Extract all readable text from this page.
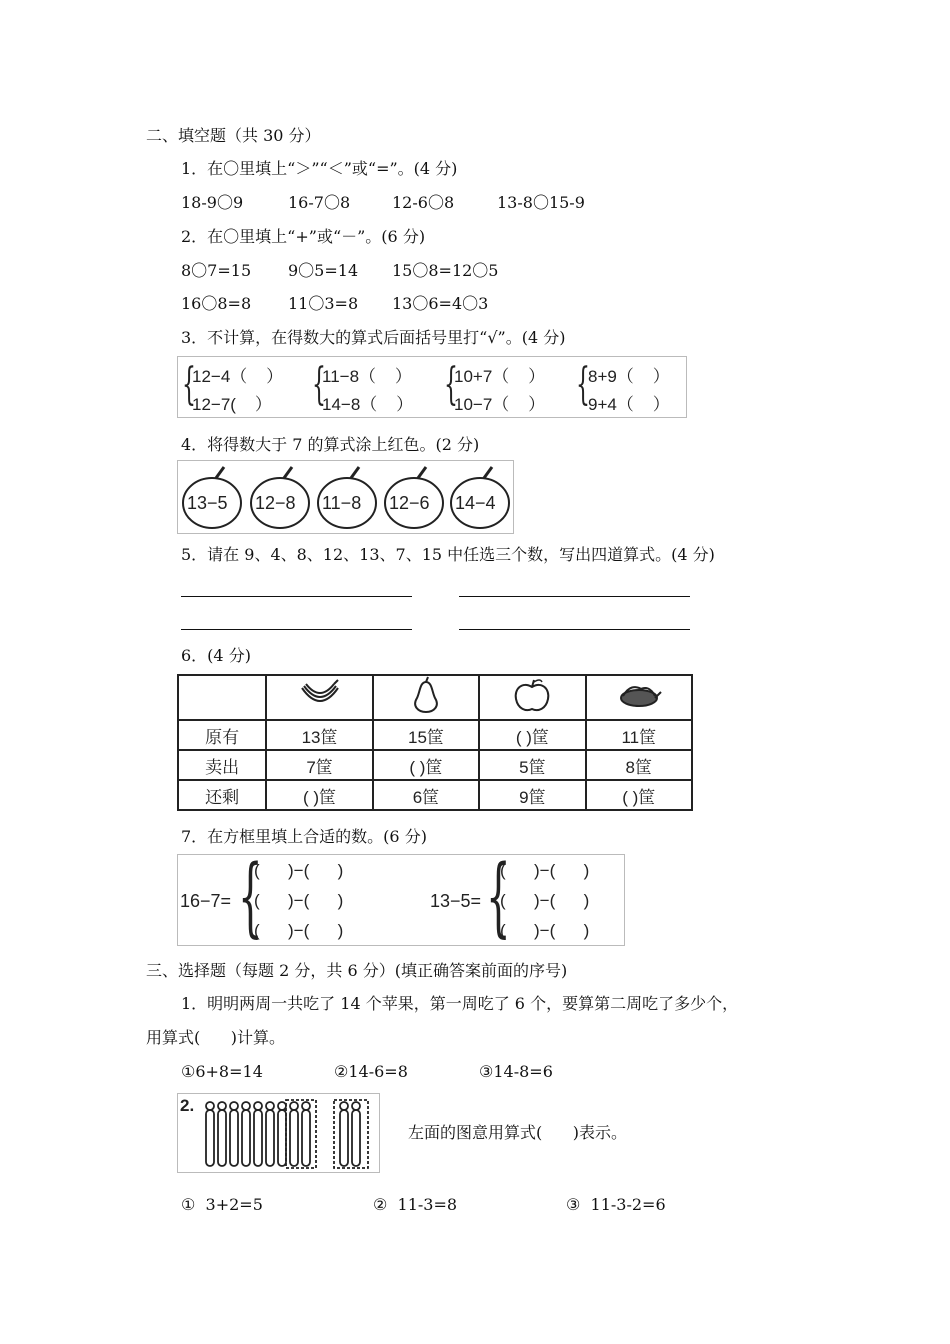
二、填空题（共 30 分）
1．在〇里填上“＞”“＜”或“=”。(4 分)
18-9〇9	16-7〇8	12-6〇8	13-8〇15-9
2．在〇里填上“+”或“－”。(6 分)
8〇7=15 9〇5=14 15〇8=12〇5
16〇8=8 11〇3=8 13〇6=4〇3
3．不计算，在得数大的算式后面括号里打“√”。(4 分)
{
12−4（    ）
12−7(    ） {
11−8（    ）
14−8（    ） {
10+7（    ）
10−7（    ） {
8+9（    ）
9+4（    ）
4．将得数大于 7 的算式涂上红色。(2 分)
13−5 12−8 11−8 12−6 14−4
5．请在 9、4、8、12、13、7、15 中任选三个数，写出四道算式。(4 分)
6．(4 分)

原有	13筐	15筐	( )筐	11筐
卖出	7筐	( )筐	5筐	8筐
还剩	( )筐	6筐	9筐	( )筐
7．在方框里填上合适的数。(6 分)
16−7= {
(      )−(      )
(      )−(      )
(      )−(      )
13−5= {
(      )−(      )
(      )−(      )
(      )−(      )
三、选择题（每题 2 分，共 6 分）(填正确答案前面的序号)
1．明明两周一共吃了 14 个苹果，第一周吃了 6 个，要算第二周吃了多少个，
用算式(      )计算。
①6+8=14	②14-6=8	③14-8=6
2.
左面的图意用算式(      )表示。
①  3+2=5	②  11-3=8	③  11-3-2=6
